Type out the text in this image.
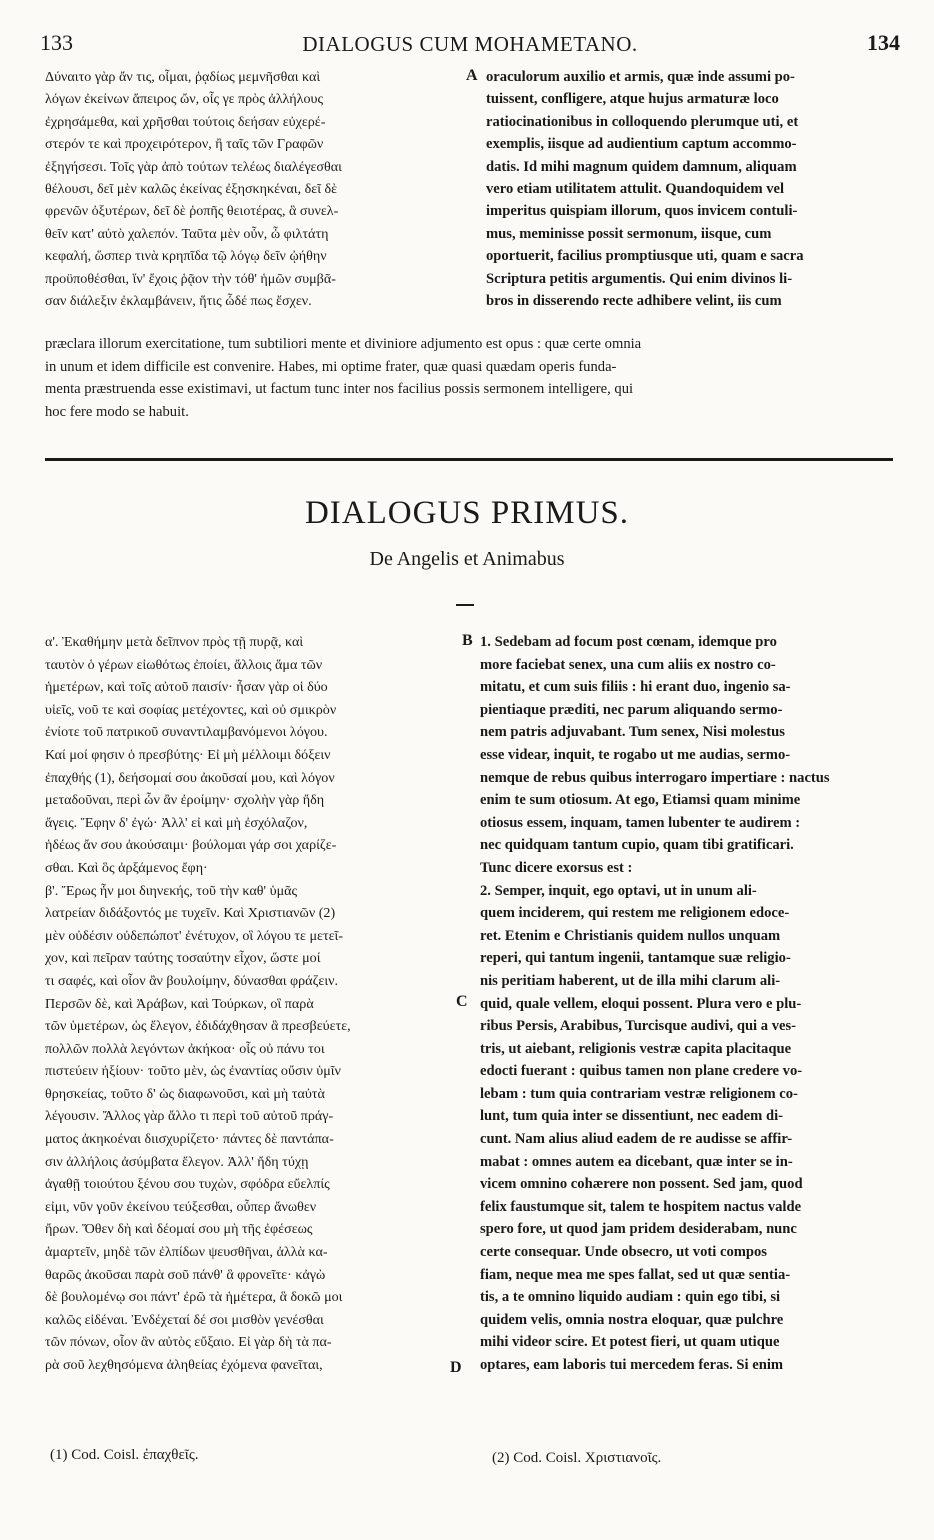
133	DIALOGUS CUM MOHAMETANO.	134
Δύναιτο γὰρ ἄν τις, οἶμαι, ῥᾳδίως μεμνῆσθαι καὶ
λόγων ἐκείνων ἄπειρος ὤν, οἷς γε πρὸς ἀλλήλους
ἐχρησάμεθα, καὶ χρῆσθαι τούτοις δεήσαν εὐχερέ-
στερόν τε καὶ προχειρότερον, ἢ ταῖς τῶν Γραφῶν
ἐξηγήσεσι. Τοῖς γὰρ ἀπὸ τούτων τελέως διαλέγεσθαι
θέλουσι, δεῖ μὲν καλῶς ἐκείνας ἐξησκηκέναι, δεῖ δὲ
φρενῶν ὀξυτέρων, δεῖ δὲ ῥοπῆς θειοτέρας, ἃ συνελ-
θεῖν κατ' αὐτὸ χαλεπόν. Ταῦτα μὲν οὖν, ὦ φιλτάτη
κεφαλή, ὥσπερ τινὰ κρηπῖδα τῷ λόγῳ δεῖν ᾠήθην
προϋποθέσθαι, ἵν' ἔχοις ῥᾷον τὴν τόθ' ἡμῶν συμβᾶ-
σαν διάλεξιν ἐκλαμβάνειν, ἥτις ὧδέ πως ἔσχεν.
A oraculorum auxilio et armis, quæ inde assumi po-
tuissent, confligere, atque hujus armaturæ loco
ratiocinationibus in colloquendo plerumque uti, et
exemplis, iisque ad audientium captum accommo-
datis. Id mihi magnum quidem damnum, aliquam
vero etiam utilitatem attulit. Quandoquidem vel
imperitus quispiam illorum, quos invicem contuli-
mus, meminisse possit sermonum, iisque, cum
oportuerit, facilius promptiusque uti, quam e sacra
Scriptura petitis argumentis. Qui enim divinos li-
bros in disserendo recte adhibere velint, iis cum
præclara illorum exercitatione, tum subtiliori mente et diviniore adjumento est opus : quæ certe omnia
in unum et idem difficile est convenire. Habes, mi optime frater, quæ quasi quædam operis funda-
menta præstruenda esse existimavi, ut factum tunc inter nos facilius possis sermonem intelligere, qui
hoc fere modo se habuit.
DIALOGUS PRIMUS.
De Angelis et Animabus
α'. Ἐκαθήμην μετὰ δεῖπνον πρὸς τῇ πυρᾷ, καὶ
ταυτὸν ὁ γέρων εἰωθότως ἐποίει, ἄλλοις ἅμα τῶν
ἡμετέρων, καὶ τοῖς αὐτοῦ παισίν· ἦσαν γὰρ οἱ δύο
υἱεῖς, νοῦ τε καὶ σοφίας μετέχοντες, καὶ οὐ σμικρὸν
ἐνίοτε τοῦ πατρικοῦ συναντιλαμβανόμενοι λόγου.
Καί μοί φησιν ὁ πρεσβύτης· Εἰ μὴ μέλλοιμι δόξειν
ἐπαχθής (1), δεήσομαί σου ἀκοῦσαί μου, καὶ λόγον
μεταδοῦναι, περὶ ὧν ἂν ἐροίμην· σχολὴν γὰρ ἤδη
ἄγεις. Ἔφην δ' ἐγώ· Ἀλλ' εἰ καὶ μὴ ἐσχόλαζον,
ἡδέως ἄν σου ἀκούσαιμι· βούλομαι γάρ σοι χαρίζε-
σθαι. Καὶ ὃς ἀρξάμενος ἔφη·
β'. Ἔρως ἦν μοι διηνεκής, τοῦ τὴν καθ' ὑμᾶς
λατρείαν διδάξοντός με τυχεῖν. Καὶ Χριστιανῶν (2)
μὲν οὐδέσιν οὐδεπώποτ' ἐνέτυχον, οἳ λόγου τε μετεῖ-
χον, καὶ πεῖραν ταύτης τοσαύτην εἶχον, ὥστε μοί
τι σαφές, καὶ οἷον ἂν βουλοίμην, δύνασθαι φράζειν.
Περσῶν δὲ, καὶ Ἀράβων, καὶ Τούρκων, οἳ παρὰ
τῶν ὑμετέρων, ὡς ἔλεγον, ἐδιδάχθησαν ἃ πρεσβεύετε,
πολλῶν πολλὰ λεγόντων ἀκήκοα· οἷς οὐ πάνυ τοι
πιστεύειν ἠξίουν· τοῦτο μὲν, ὡς ἐναντίας οὔσιν ὑμῖν
θρησκείας, τοῦτο δ' ὡς διαφωνοῦσι, καὶ μὴ ταὐτὰ
λέγουσιν. Ἄλλος γὰρ ἄλλο τι περὶ τοῦ αὐτοῦ πράγ-
ματος ἀκηκοέναι διισχυρίζετο· πάντες δὲ παντάπα-
σιν ἀλλήλοις ἀσύμβατα ἔλεγον. Ἀλλ' ἤδη τύχῃ
ἀγαθῇ τοιούτου ξένου σου τυχὼν, σφόδρα εὔελπίς
εἰμι, νῦν γοῦν ἐκείνου τεύξεσθαι, οὗπερ ἄνωθεν
ἤρων. Ὅθεν δὴ καὶ δέομαί σου μὴ τῆς ἐφέσεως
ἁμαρτεῖν, μηδὲ τῶν ἐλπίδων ψευσθῆναι, ἀλλὰ κα-
θαρῶς ἀκοῦσαι παρὰ σοῦ πάνθ' ἃ φρονεῖτε· κἀγὼ
δὲ βουλομένῳ σοι πάντ' ἐρῶ τὰ ἡμέτερα, ἃ δοκῶ μοι
καλῶς εἰδέναι. Ἐνδέχεταί δέ σοι μισθὸν γενέσθαι
τῶν πόνων, οἷον ἂν αὐτὸς εὔξαιο. Εἰ γὰρ δὴ τὰ πα-
ρὰ σοῦ λεχθησόμενα ἀληθείας ἐχόμενα φανεῖται,
B
C
D
1. Sedebam ad focum post cœnam, idemque pro
more faciebat senex, una cum aliis ex nostro co-
mitatu, et cum suis filiis : hi erant duo, ingenio sa-
pientiaque præditi, nec parum aliquando sermo-
nem patris adjuvabant. Tum senex, Nisi molestus
esse videar, inquit, te rogabo ut me audias, sermo-
nemque de rebus quibus interrogaro impertiare : nactus
enim te sum otiosum. At ego, Etiamsi quam minime
otiosus essem, inquam, tamen lubenter te audirem :
nec quidquam tantum cupio, quam tibi gratificari.
Tunc dicere exorsus est :
2. Semper, inquit, ego optavi, ut in unum ali-
quem inciderem, qui restem me religionem edoce-
ret. Etenim e Christianis quidem nullos unquam
reperi, qui tantum ingenii, tantamque suæ religio-
nis peritiam haberent, ut de illa mihi clarum ali-
quid, quale vellem, eloqui possent. Plura vero e plu-
ribus Persis, Arabibus, Turcisque audivi, qui a ves-
tris, ut aiebant, religionis vestræ capita placitaque
edocti fuerant : quibus tamen non plane credere vo-
lebam : tum quia contrariam vestræ religionem co-
lunt, tum quia inter se dissentiunt, nec eadem di-
cunt. Nam alius aliud eadem de re audisse se affir-
mabat : omnes autem ea dicebant, quæ inter se in-
vicem omnino cohærere non possent. Sed jam, quod
felix faustumque sit, talem te hospitem nactus valde
spero fore, ut quod jam pridem desiderabam, nunc
certe consequar. Unde obsecro, ut voti compos
fiam, neque mea me spes fallat, sed ut quæ sentia-
tis, a te omnino liquido audiam : quin ego tibi, si
quidem velis, omnia nostra eloquar, quæ pulchre
mihi videor scire. Et potest fieri, ut quam utique
optares, eam laboris tui mercedem feras. Si enim
(1) Cod. Coisl. ἐπαχθεῖς.	(2) Cod. Coisl. Χριστιανοῖς.
